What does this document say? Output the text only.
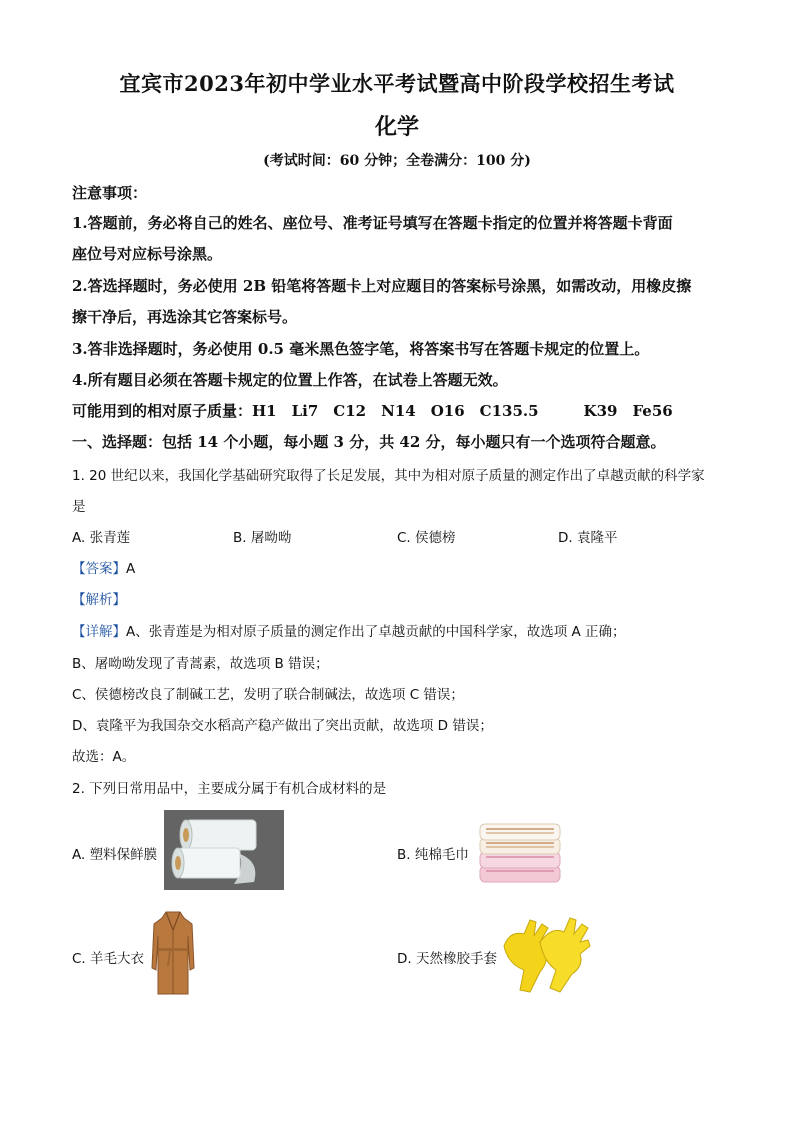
宜宾市2023年初中学业水平考试暨高中阶段学校招生考试
化学
(考试时间：60 分钟；全卷满分：100 分)
注意事项：
1.答题前，务必将自己的姓名、座位号、准考证号填写在答题卡指定的位置并将答题卡背面
座位号对应标号涂黑。
2.答选择题时，务必使用 2B 铅笔将答题卡上对应题目的答案标号涂黑，如需改动，用橡皮擦
擦干净后，再选涂其它答案标号。
3.答非选择题时，务必使用 0.5 毫米黑色签字笔，将答案书写在答题卡规定的位置上。
4.所有题目必须在答题卡规定的位置上作答，在试卷上答题无效。
可能用到的相对原子质量：H1　Li7　C12　N14　O16　C135.5　　　K39　Fe56
一、选择题：包括 14 个小题，每小题 3 分，共 42 分，每小题只有一个选项符合题意。
1. 20 世纪以来，我国化学基础研究取得了长足发展，其中为相对原子质量的测定作出了卓越贡献的科学家
是
A. 张青莲	B. 屠呦呦	C. 侯德榜	D. 袁隆平
【答案】A
【解析】
【详解】A、张青莲是为相对原子质量的测定作出了卓越贡献的中国科学家，故选项 A 正确；
B、屠呦呦发现了青蒿素，故选项 B 错误；
C、侯德榜改良了制碱工艺，发明了联合制碱法，故选项 C 错误；
D、袁隆平为我国杂交水稻高产稳产做出了突出贡献，故选项 D 错误；
故选：A。
2. 下列日常用品中，主要成分属于有机合成材料的是
A. 塑料保鲜膜	B. 纯棉毛巾
C. 羊毛大衣	D. 天然橡胶手套
